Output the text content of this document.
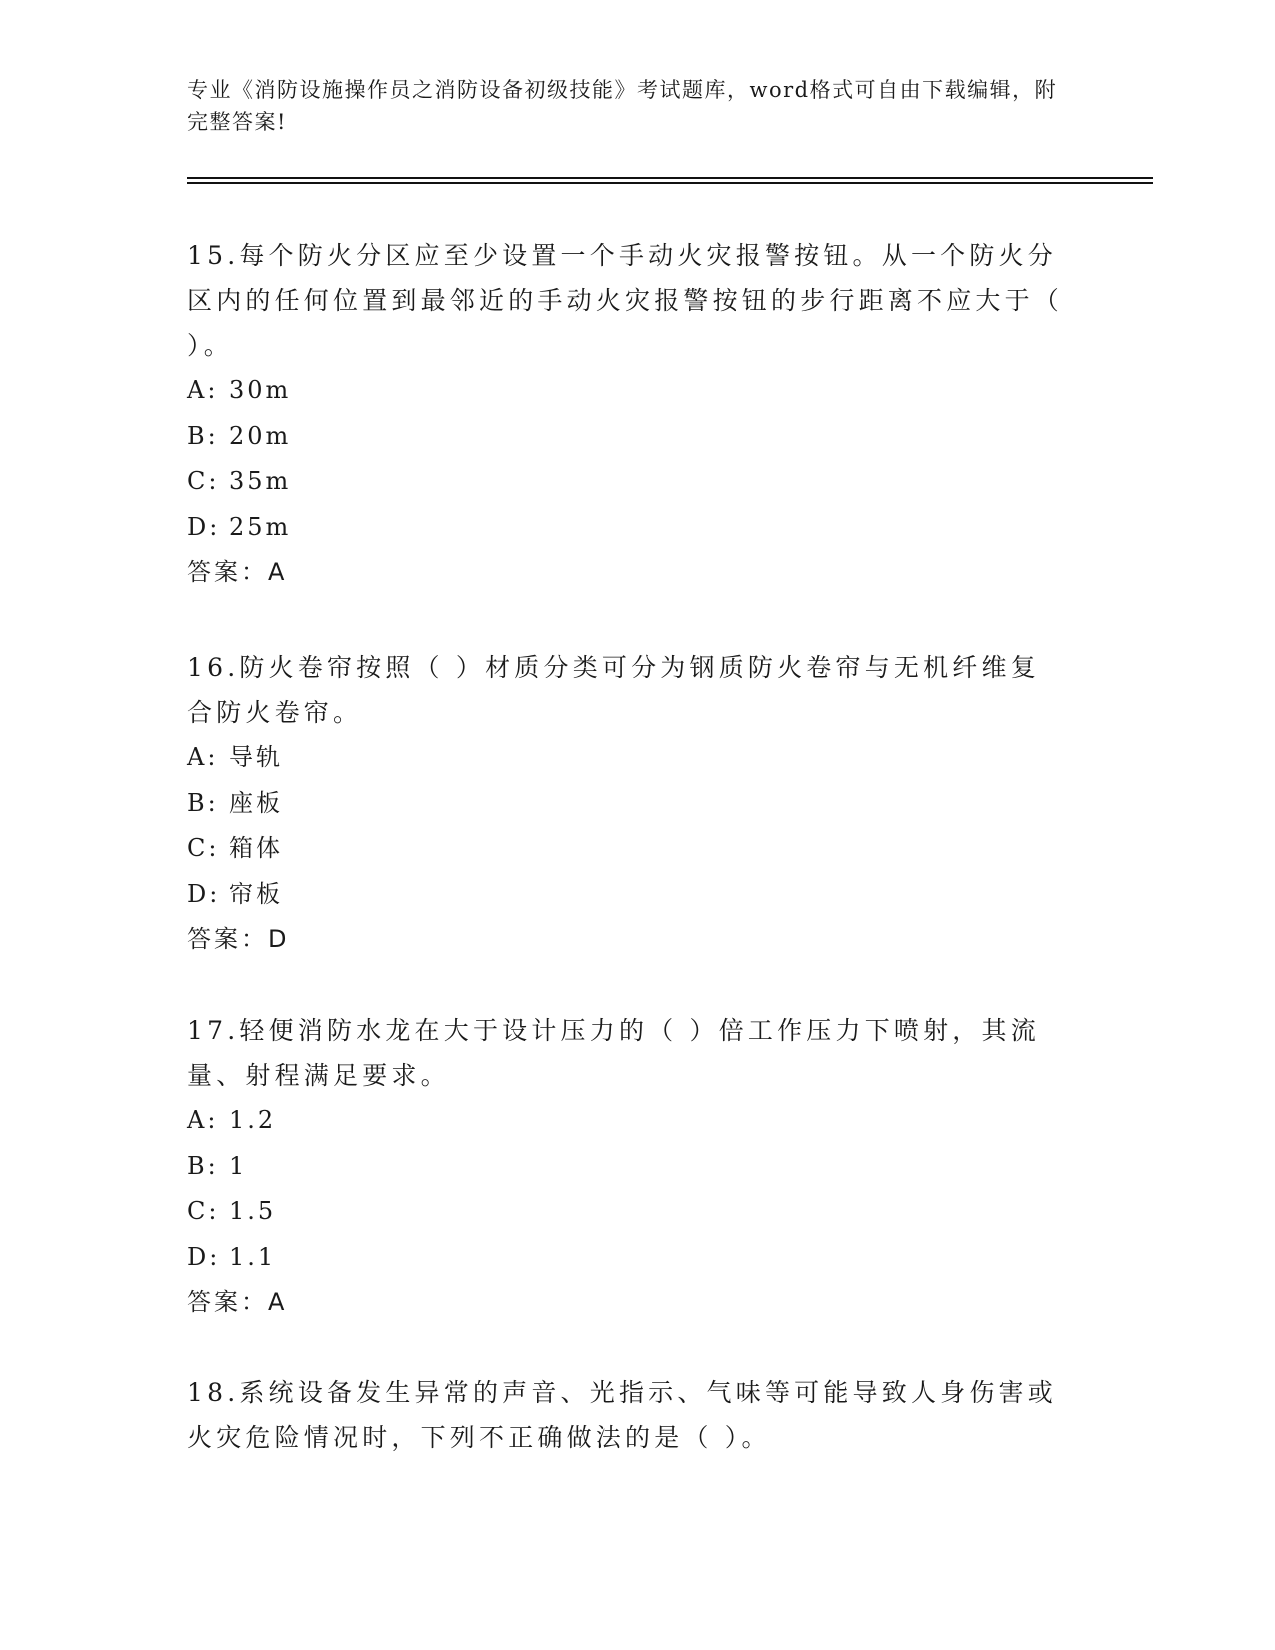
专业《消防设施操作员之消防设备初级技能》考试题库，word格式可自由下载编辑，附完整答案!

15.每个防火分区应至少设置一个手动火灾报警按钮。从一个防火分区内的任何位置到最邻近的手动火灾报警按钮的步行距离不应大于（ ）。

A: 30m

B: 20m

C: 35m

D: 25m

答案：A

16.防火卷帘按照（ ）材质分类可分为钢质防火卷帘与无机纤维复合防火卷帘。

A: 导轨

B: 座板

C: 箱体

D: 帘板

答案：D

17.轻便消防水龙在大于设计压力的（ ）倍工作压力下喷射，其流量、射程满足要求。

A: 1.2

B: 1

C: 1.5

D: 1.1

答案：A

18.系统设备发生异常的声音、光指示、气味等可能导致人身伤害或火灾危险情况时，下列不正确做法的是（ ）。
